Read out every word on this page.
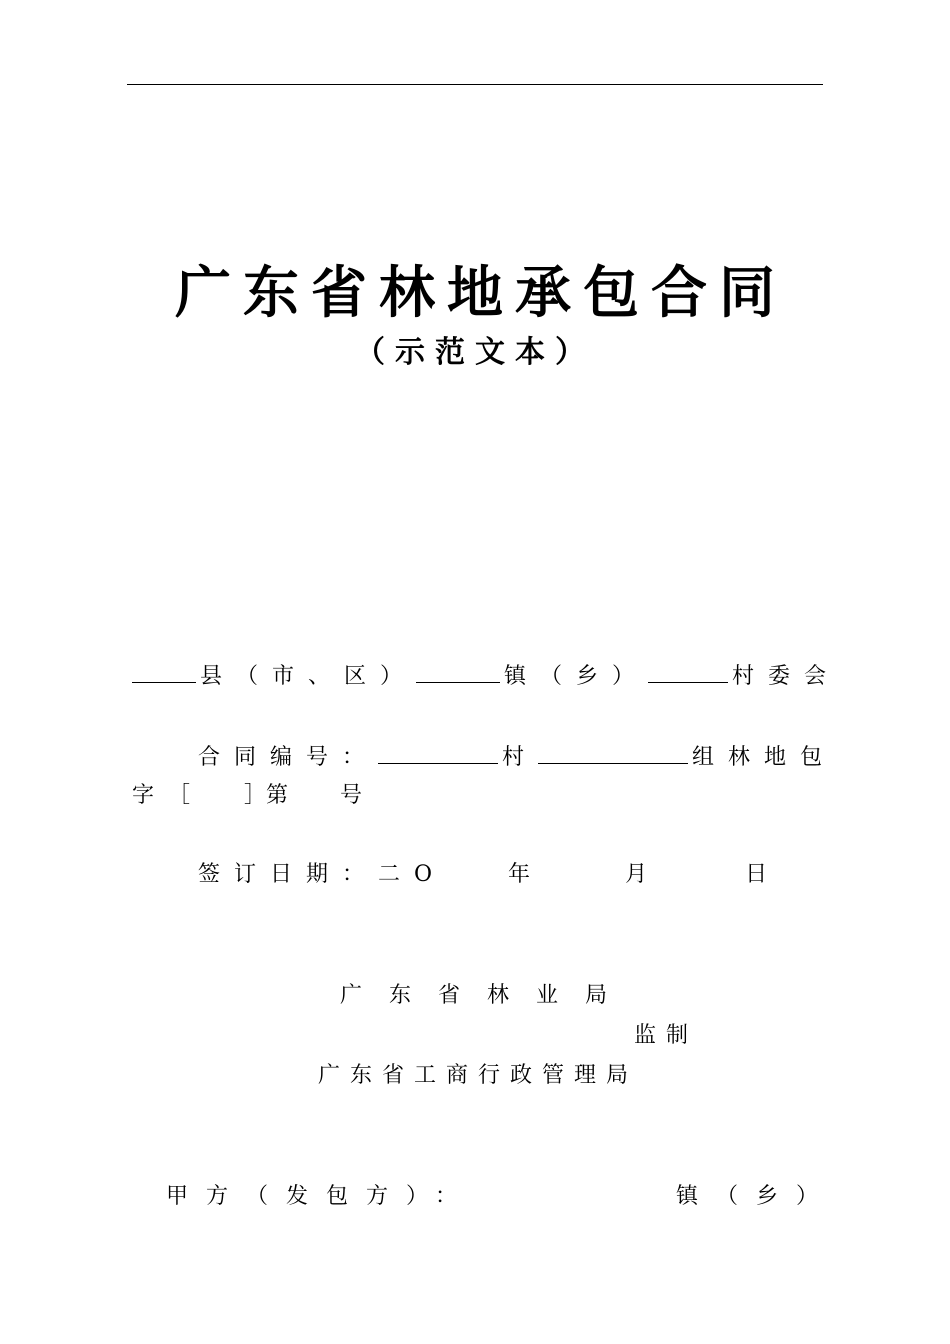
广东省林地承包合同
（示范文本）
县（市、区）	镇（乡）	村委会
合同编号：	村	组林地包
字［ ］第 号
签订日期：二O	年	月	日
广 东 省 林 业 局
监制
广东省工商行政管理局
甲方（发包方）：	镇（乡）
